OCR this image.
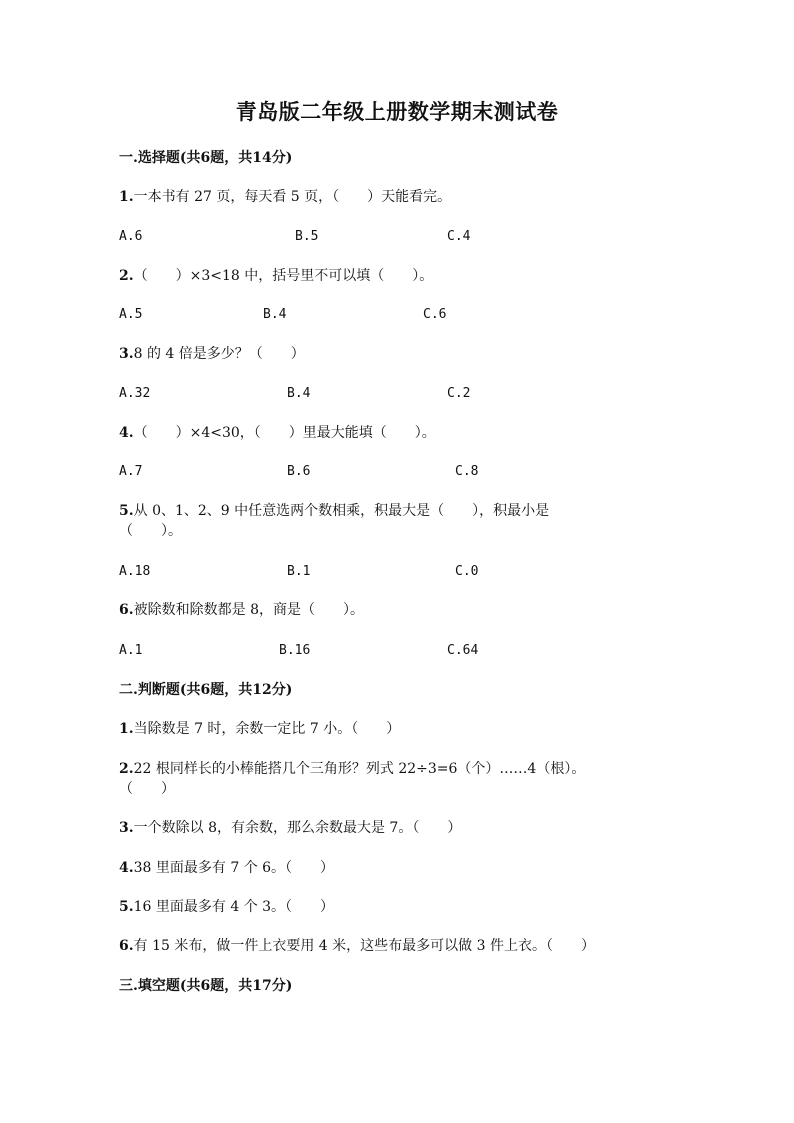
青岛版二年级上册数学期末测试卷
一.选择题(共6题，共14分)
1.一本书有 27 页，每天看 5 页，（　　）天能看完。
A.6	B.5	C.4
2.（　　）×3<18 中，括号里不可以填（　　）。
A.5	B.4	C.6
3.8 的 4 倍是多少？（　　）
A.32	B.4	C.2
4.（　　）×4<30，（　　）里最大能填（　　）。
A.7	B.6	C.8
5.从 0、1、2、9 中任意选两个数相乘，积最大是（　　），积最小是
（　　）。
A.18	B.1	C.0
6.被除数和除数都是 8，商是（　　）。
A.1	B.16	C.64
二.判断题(共6题，共12分)
1.当除数是 7 时，余数一定比 7 小。（　　）
2.22 根同样长的小棒能搭几个三角形？列式 22÷3=6（个）……4（根）。
（　　）
3.一个数除以 8，有余数，那么余数最大是 7。（　　）
4.38 里面最多有 7 个 6。（　　）
5.16 里面最多有 4 个 3。（　　）
6.有 15 米布，做一件上衣要用 4 米，这些布最多可以做 3 件上衣。（　　）
三.填空题(共6题，共17分)
